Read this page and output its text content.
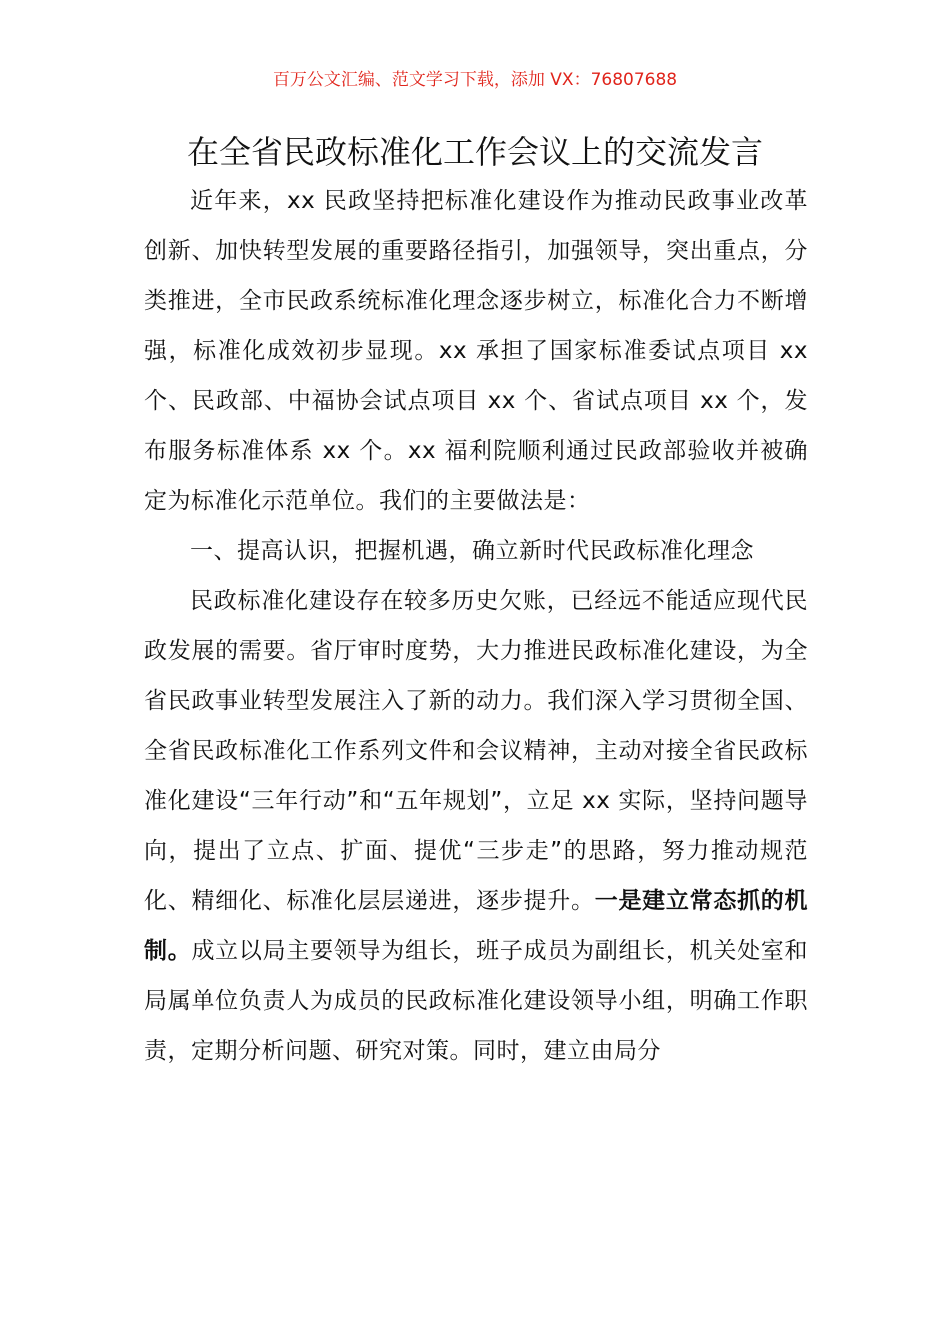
百万公文汇编、范文学习下载，添加 VX：76807688
在全省民政标准化工作会议上的交流发言

近年来，xx 民政坚持把标准化建设作为推动民政事业改革创新、加快转型发展的重要路径指引，加强领导，突出重点，分类推进，全市民政系统标准化理念逐步树立，标准化合力不断增强，标准化成效初步显现。xx 承担了国家标准委试点项目 xx 个、民政部、中福协会试点项目 xx 个、省试点项目 xx 个，发布服务标准体系 xx 个。xx 福利院顺利通过民政部验收并被确定为标准化示范单位。我们的主要做法是：

一、提高认识，把握机遇，确立新时代民政标准化理念

民政标准化建设存在较多历史欠账，已经远不能适应现代民政发展的需要。省厅审时度势，大力推进民政标准化建设，为全省民政事业转型发展注入了新的动力。我们深入学习贯彻全国、全省民政标准化工作系列文件和会议精神，主动对接全省民政标准化建设“三年行动”和“五年规划”，立足 xx 实际，坚持问题导向，提出了立点、扩面、提优“三步走”的思路，努力推动规范化、精细化、标准化层层递进，逐步提升。一是建立常态抓的机制。成立以局主要领导为组长，班子成员为副组长，机关处室和局属单位负责人为成员的民政标准化建设领导小组，明确工作职责，定期分析问题、研究对策。同时，建立由局分
